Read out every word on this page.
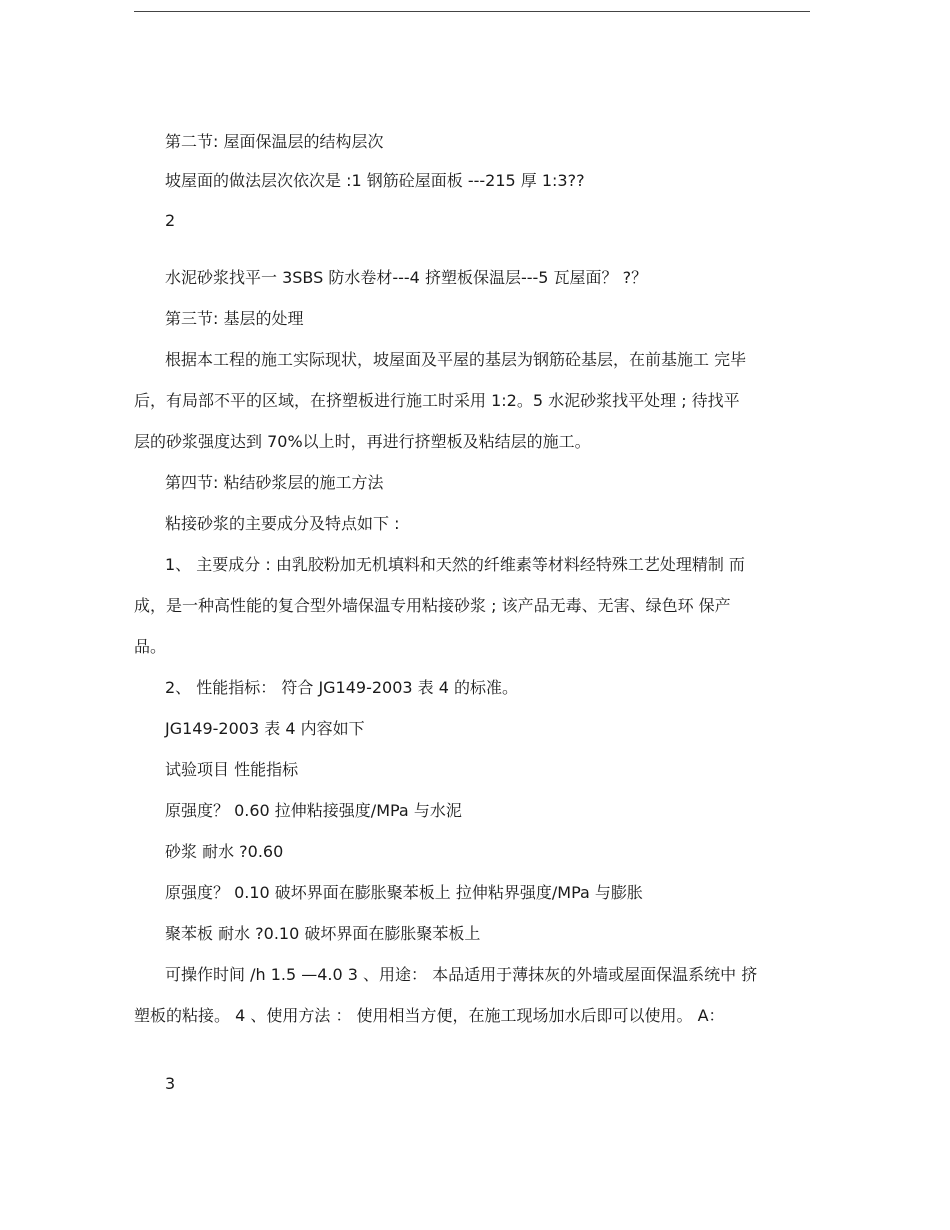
第二节: 屋面保温层的结构层次
坡屋面的做法层次依次是 :1 钢筋砼屋面板 ---215 厚 1:3??
2
水泥砂浆找平一 3SBS 防水卷材---4 挤塑板保温层---5 瓦屋面？ ?？
第三节: 基层的处理
根据本工程的施工实际现状，坡屋面及平屋的基层为钢筋砼基层，在前基施工 完毕
后，有局部不平的区域，在挤塑板进行施工时采用 1:2。5 水泥砂浆找平处理 ; 待找平
层的砂浆强度达到 70%以上时，再进行挤塑板及粘结层的施工。
第四节: 粘结砂浆层的施工方法
粘接砂浆的主要成分及特点如下 :
1、 主要成分 : 由乳胶粉加无机填料和天然的纤维素等材料经特殊工艺处理精制 而
成，是一种高性能的复合型外墙保温专用粘接砂浆 ; 该产品无毒、无害、绿色环 保产
品。
2、 性能指标： 符合 JG149-2003 表 4 的标准。
JG149-2003 表 4 内容如下
试验项目 性能指标
原强度？ 0.60 拉伸粘接强度/MPa 与水泥
砂浆 耐水 ?0.60
原强度？ 0.10 破坏界面在膨胀聚苯板上 拉伸粘界强度/MPa 与膨胀
聚苯板 耐水 ?0.10 破坏界面在膨胀聚苯板上
可操作时间 /h 1.5 —4.0 3 、用途： 本品适用于薄抹灰的外墙或屋面保温系统中 挤
塑板的粘接。 4 、使用方法 ： 使用相当方便，在施工现场加水后即可以使用。 A：
3
